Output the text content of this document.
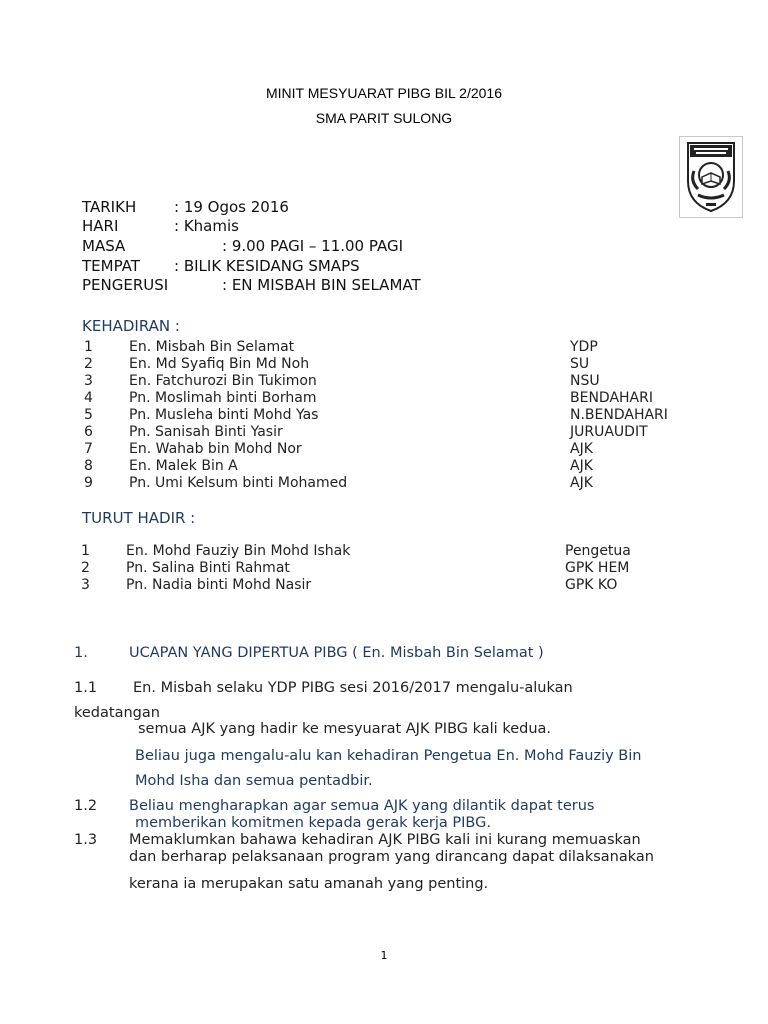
MINIT MESYUARAT PIBG BIL 2/2016
SMA PARIT SULONG
TARIKH	: 19 Ogos 2016
HARI	: Khamis
MASA	: 9.00 PAGI – 11.00 PAGI
TEMPAT : BILIK KESIDANG SMAPS
PENGERUSI	: EN MISBAH BIN SELAMAT
KEHADIRAN :
1	En. Misbah Bin Selamat	YDP
2	En. Md Syafiq Bin Md Noh	SU
3	En. Fatchurozi Bin Tukimon	NSU
4	Pn. Moslimah binti Borham	BENDAHARI
5	Pn. Musleha binti Mohd Yas	N.BENDAHARI
6	Pn. Sanisah Binti Yasir	JURUAUDIT
7	En. Wahab bin Mohd Nor	AJK
8	En. Malek Bin A	AJK
9	Pn. Umi Kelsum binti Mohamed	AJK
TURUT HADIR :
1	En. Mohd Fauziy Bin Mohd Ishak	Pengetua
2	Pn. Salina Binti Rahmat	GPK HEM
3	Pn. Nadia binti Mohd Nasir	GPK KO
1.	UCAPAN YANG DIPERTUA PIBG ( En. Misbah Bin Selamat )
1.1 En. Misbah selaku YDP PIBG sesi 2016/2017 mengalu-alukan
kedatangan
semua AJK yang hadir ke mesyuarat AJK PIBG kali kedua.
Beliau juga mengalu-alu kan kehadiran Pengetua En. Mohd Fauziy Bin
Mohd Isha dan semua pentadbir.
1.2 Beliau mengharapkan agar semua AJK yang dilantik dapat terus
memberikan komitmen kepada gerak kerja PIBG.
1.3 Memaklumkan bahawa kehadiran AJK PIBG kali ini kurang memuaskan
dan berharap pelaksanaan program yang dirancang dapat dilaksanakan
kerana ia merupakan satu amanah yang penting.
1
